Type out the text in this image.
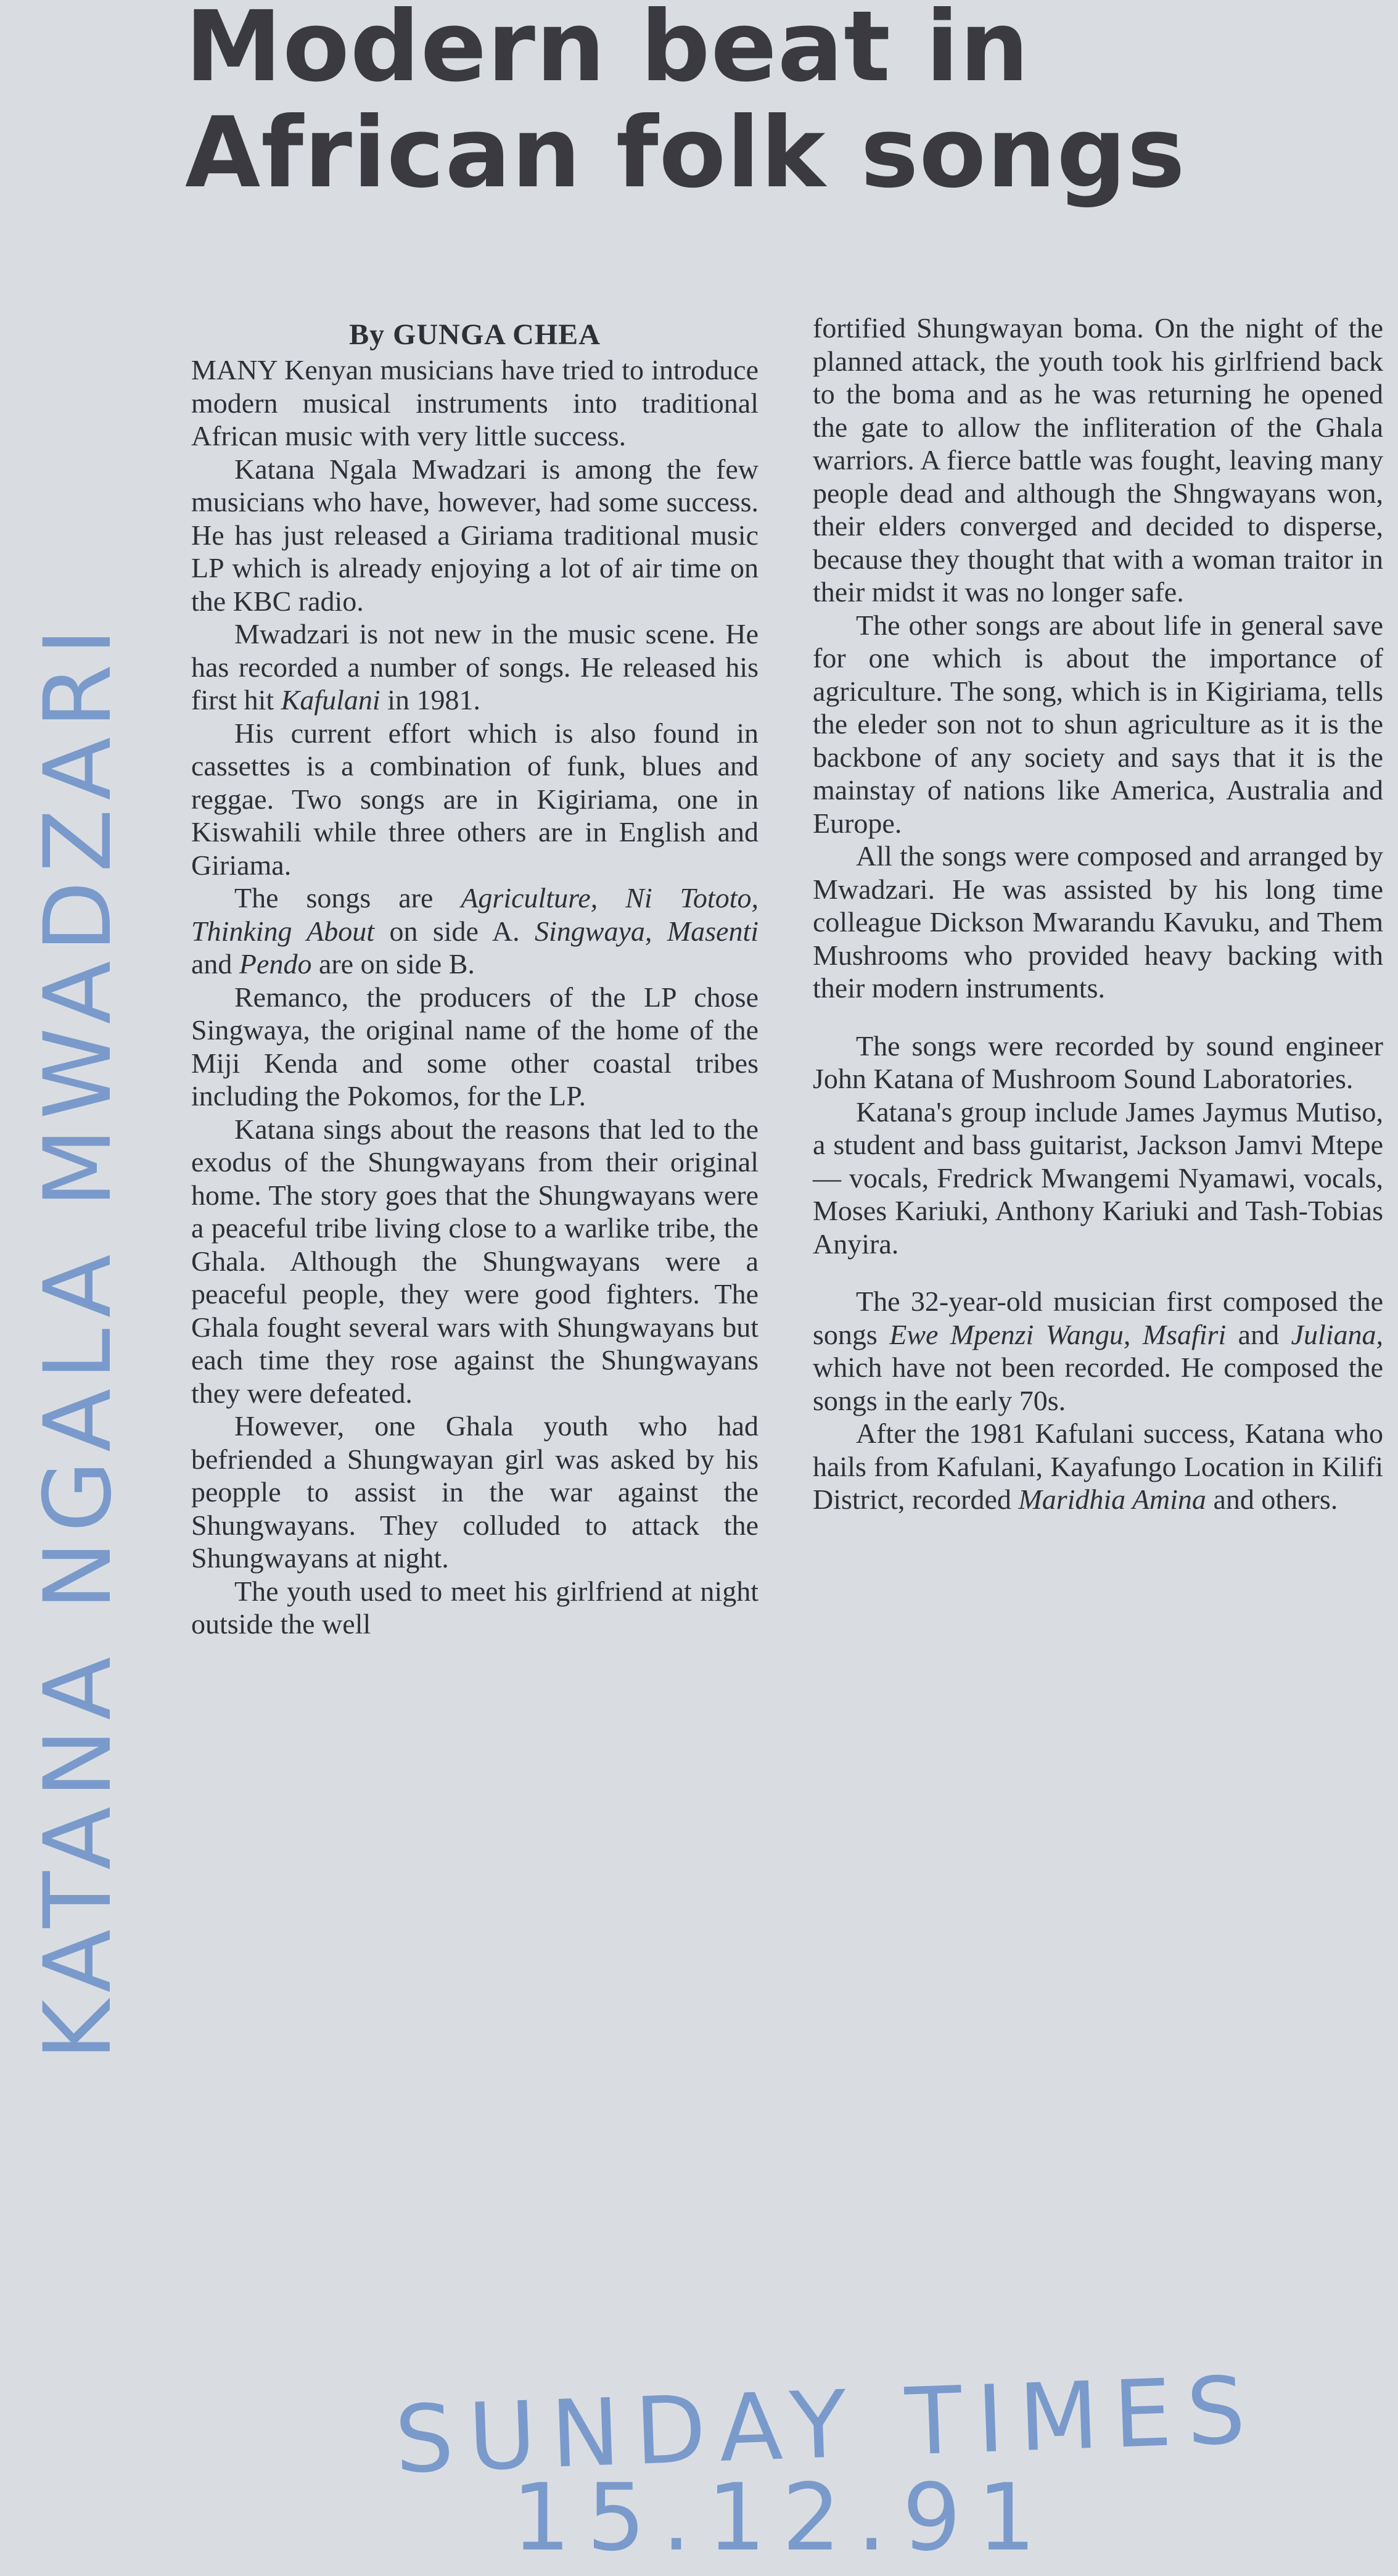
Modern beat in
African folk songs
By GUNGA CHEA

MANY Kenyan musicians have tried to introduce modern musical instruments into traditional African music with very little success.

Katana Ngala Mwadzari is among the few musicians who have, however, had some success. He has just released a Giriama traditional music LP which is already enjoying a lot of air time on the KBC radio.

Mwadzari is not new in the music scene. He has recorded a number of songs. He released his first hit Kafulani in 1981.

His current effort which is also found in cassettes is a combination of funk, blues and reggae. Two songs are in Kigiriama, one in Kiswahili while three others are in English and Giriama.

The songs are Agriculture, Ni Tototo, Thinking About on side A. Singwaya, Masenti and Pendo are on side B.

Remanco, the producers of the LP chose Singwaya, the original name of the home of the Miji Kenda and some other coastal tribes including the Pokomos, for the LP.

Katana sings about the reasons that led to the exodus of the Shungwayans from their original home. The story goes that the Shungwayans were a peaceful tribe living close to a warlike tribe, the Ghala. Although the Shungwayans were a peaceful people, they were good fighters. The Ghala fought several wars with Shungwayans but each time they rose against the Shungwayans they were defeated.

However, one Ghala youth who had befriended a Shungwayan girl was asked by his peopple to assist in the war against the Shungwayans. They colluded to attack the Shungwayans at night.

The youth used to meet his girlfriend at night outside the well

fortified Shungwayan boma. On the night of the planned attack, the youth took his girlfriend back to the boma and as he was returning he opened the gate to allow the infliteration of the Ghala warriors. A fierce battle was fought, leaving many people dead and although the Shngwayans won, their elders converged and decided to disperse, because they thought that with a woman traitor in their midst it was no longer safe.

The other songs are about life in general save for one which is about the importance of agriculture. The song, which is in Kigiriama, tells the eleder son not to shun agriculture as it is the backbone of any society and says that it is the mainstay of nations like America, Australia and Europe.

All the songs were composed and arranged by Mwadzari. He was assisted by his long time colleague Dickson Mwarandu Kavuku, and Them Mushrooms who provided heavy backing with their modern instruments.

The songs were recorded by sound engineer John Katana of Mushroom Sound Laboratories.

Katana's group include James Jaymus Mutiso, a student and bass guitarist, Jackson Jamvi Mtepe — vocals, Fredrick Mwangemi Nyamawi, vocals, Moses Kariuki, Anthony Kariuki and Tash-Tobias Anyira.

The 32-year-old musician first composed the songs Ewe Mpenzi Wangu, Msafiri and Juliana, which have not been recorded. He composed the songs in the early 70s.

After the 1981 Kafulani success, Katana who hails from Kafulani, Kayafungo Location in Kilifi District, recorded Maridhia Amina and others.

KATANA NGALA MWADZARI
SUNDAY TIMES
15.12.91
